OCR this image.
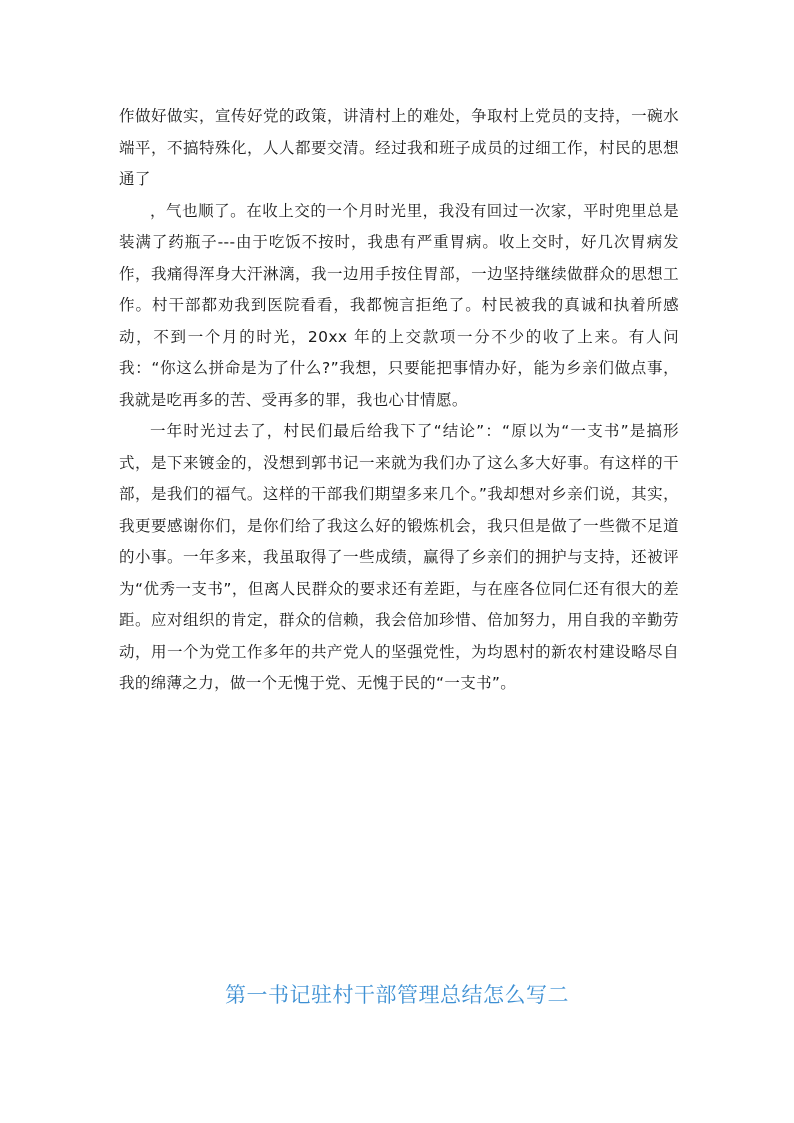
作做好做实，宣传好党的政策，讲清村上的难处，争取村上党员的支持，一碗水端平，不搞特殊化，人人都要交清。经过我和班子成员的过细工作，村民的思想通了

，气也顺了。在收上交的一个月时光里，我没有回过一次家，平时兜里总是装满了药瓶子---由于吃饭不按时，我患有严重胃病。收上交时，好几次胃病发作，我痛得浑身大汗淋漓，我一边用手按住胃部，一边坚持继续做群众的思想工作。村干部都劝我到医院看看，我都惋言拒绝了。村民被我的真诚和执着所感动，不到一个月的时光，20xx 年的上交款项一分不少的收了上来。有人问我：“你这么拼命是为了什么?”我想，只要能把事情办好，能为乡亲们做点事，我就是吃再多的苦、受再多的罪，我也心甘情愿。

一年时光过去了，村民们最后给我下了“结论”：“原以为“一支书”是搞形式，是下来镀金的，没想到郭书记一来就为我们办了这么多大好事。有这样的干部，是我们的福气。这样的干部我们期望多来几个。”我却想对乡亲们说，其实，我更要感谢你们，是你们给了我这么好的锻炼机会，我只但是做了一些微不足道的小事。一年多来，我虽取得了一些成绩，赢得了乡亲们的拥护与支持，还被评为“优秀一支书”，但离人民群众的要求还有差距，与在座各位同仁还有很大的差距。应对组织的肯定，群众的信赖，我会倍加珍惜、倍加努力，用自我的辛勤劳动，用一个为党工作多年的共产党人的坚强党性，为均恩村的新农村建设略尽自我的绵薄之力，做一个无愧于党、无愧于民的“一支书”。

第一书记驻村干部管理总结怎么写二
